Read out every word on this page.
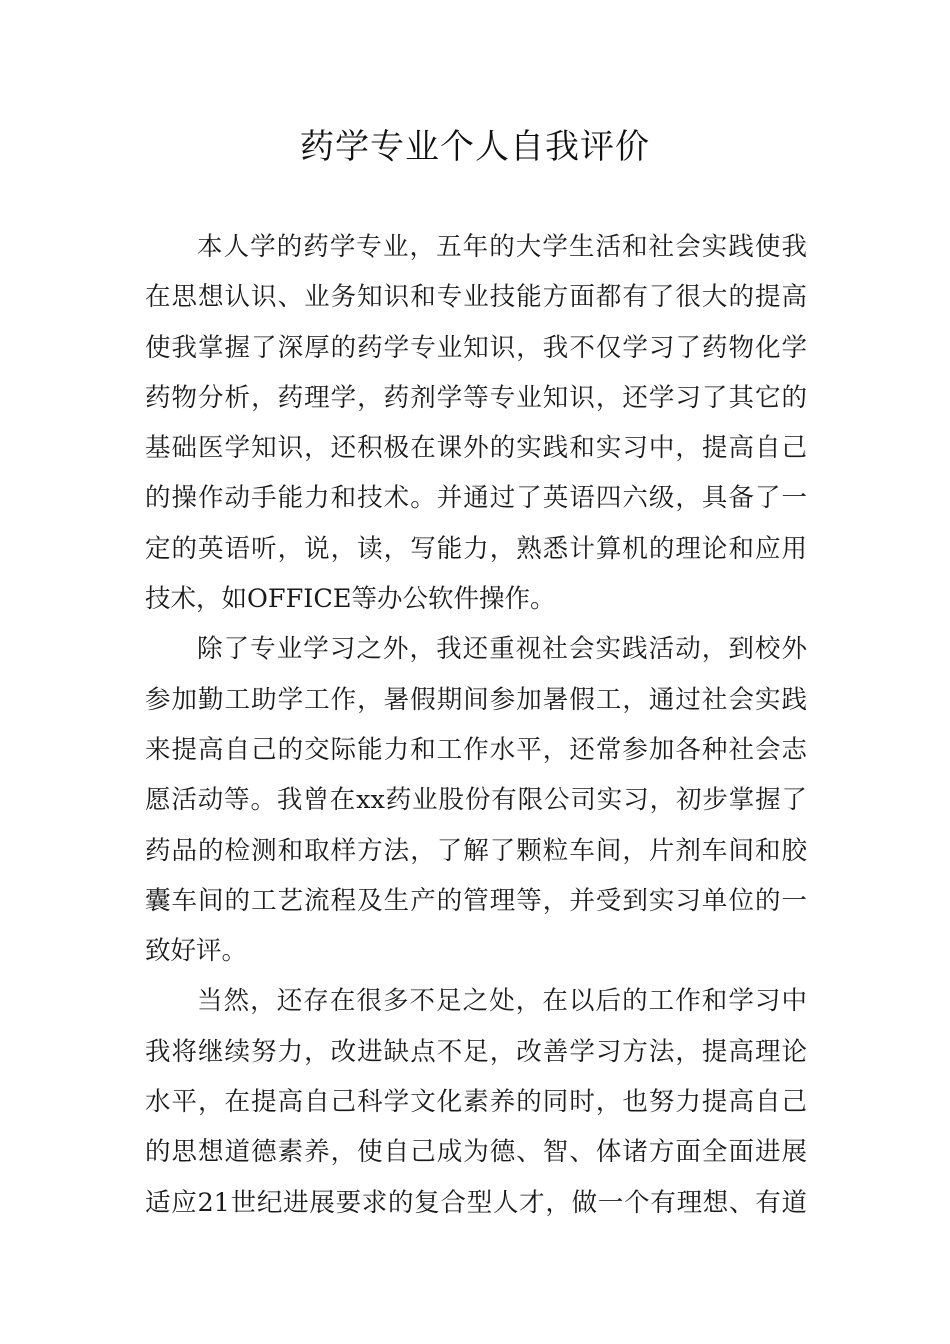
药学专业个人自我评价
本人学的药学专业，五年的大学生活和社会实践使我
在思想认识、业务知识和专业技能方面都有了很大的提高
使我掌握了深厚的药学专业知识，我不仅学习了药物化学
药物分析，药理学，药剂学等专业知识，还学习了其它的
基础医学知识，还积极在课外的实践和实习中，提高自己
的操作动手能力和技术。并通过了英语四六级，具备了一
定的英语听，说，读，写能力，熟悉计算机的理论和应用
技术，如OFFICE等办公软件操作。
除了专业学习之外，我还重视社会实践活动，到校外
参加勤工助学工作，暑假期间参加暑假工，通过社会实践
来提高自己的交际能力和工作水平，还常参加各种社会志
愿活动等。我曾在xx药业股份有限公司实习，初步掌握了
药品的检测和取样方法，了解了颗粒车间，片剂车间和胶
囊车间的工艺流程及生产的管理等，并受到实习单位的一
致好评。
当然，还存在很多不足之处，在以后的工作和学习中
我将继续努力，改进缺点不足，改善学习方法，提高理论
水平，在提高自己科学文化素养的同时，也努力提高自己
的思想道德素养，使自己成为德、智、体诸方面全面进展
适应21世纪进展要求的复合型人才，做一个有理想、有道
